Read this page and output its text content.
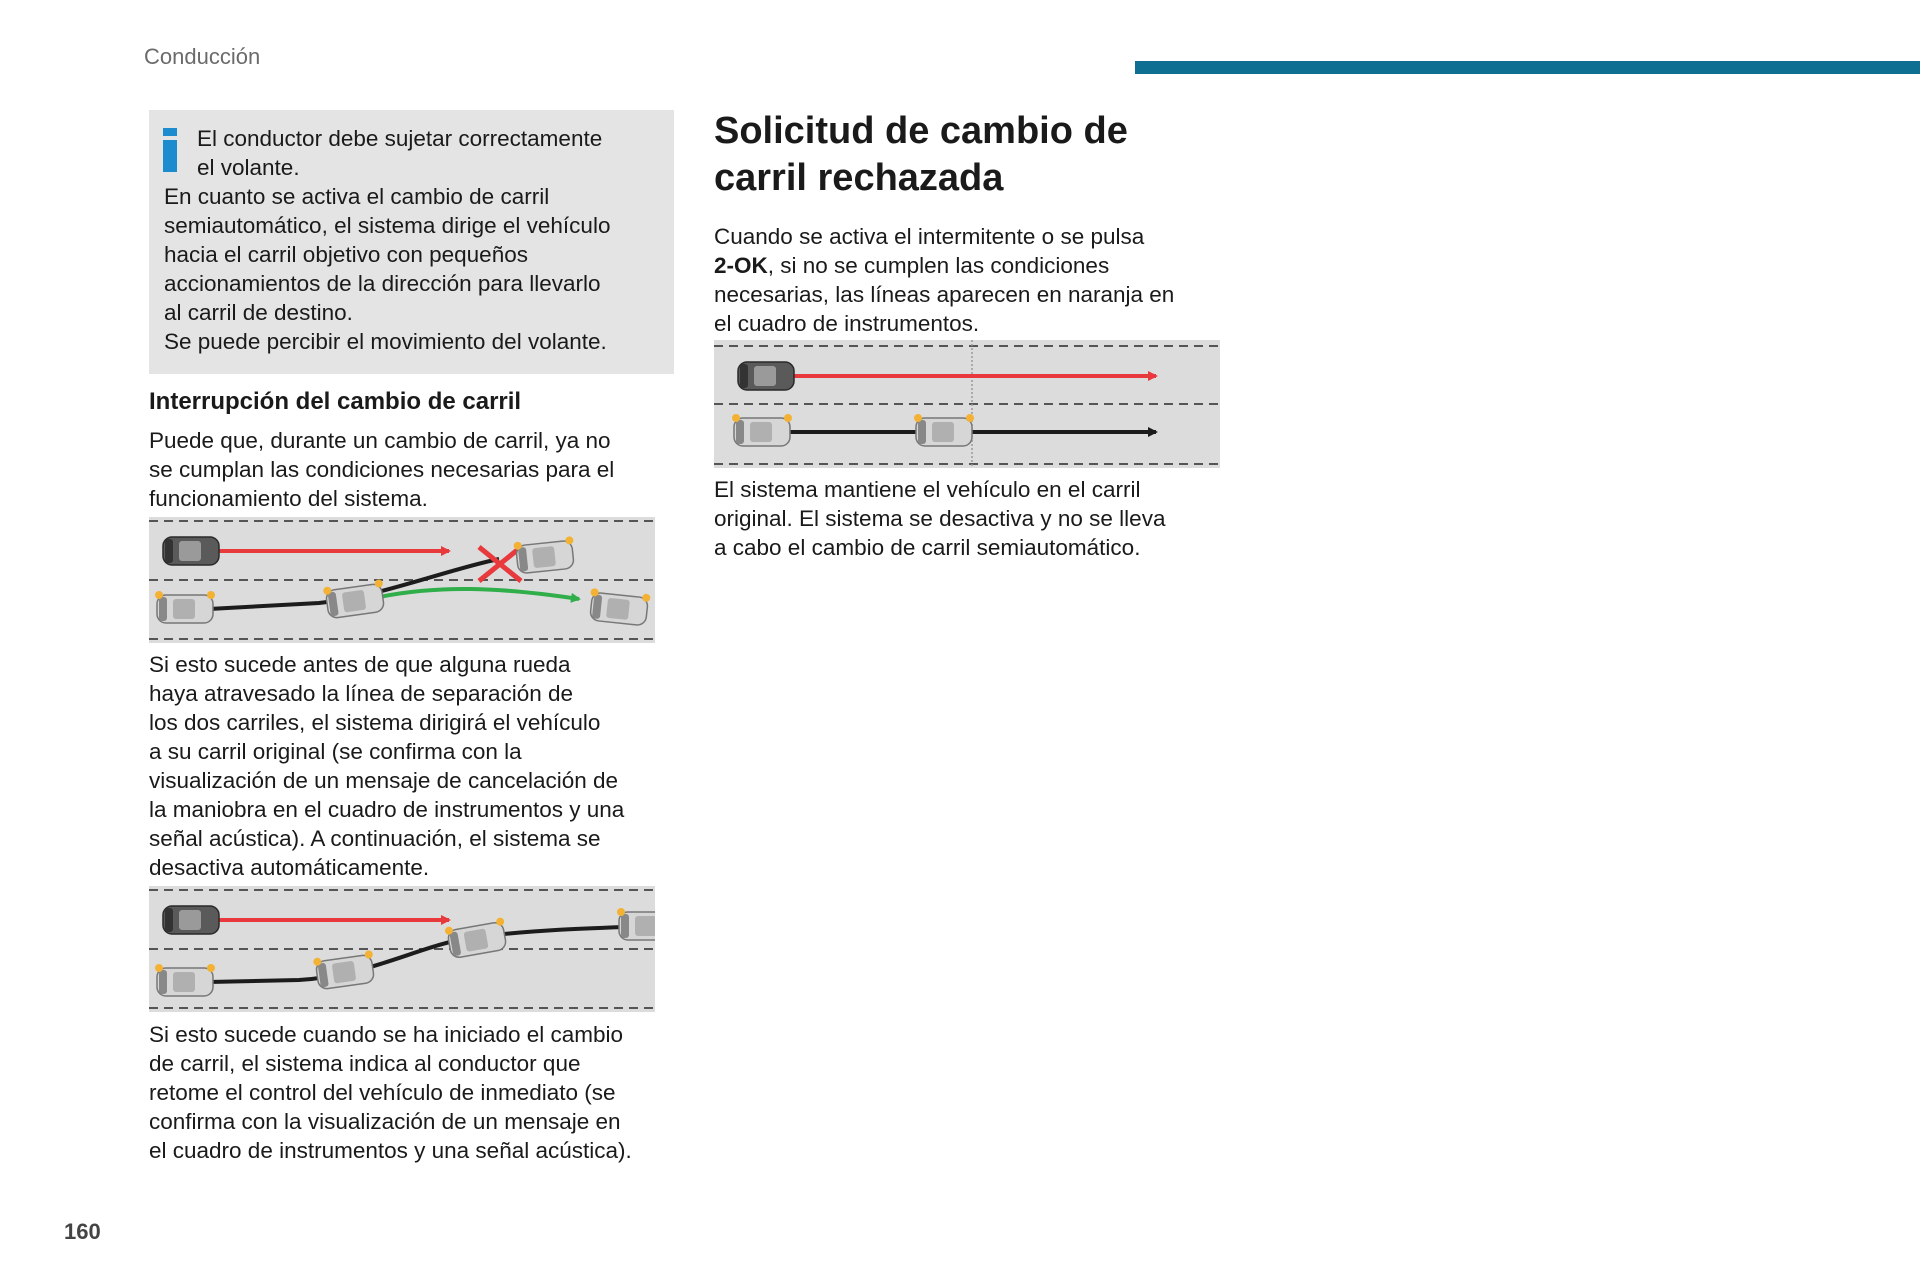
Conducción

El conductor debe sujetar correctamente
el volante.
En cuanto se activa el cambio de carril
semiautomático, el sistema dirige el vehículo
hacia el carril objetivo con pequeños
accionamientos de la dirección para llevarlo
al carril de destino.
Se puede percibir el movimiento del volante.

Interrupción del cambio de carril

Puede que, durante un cambio de carril, ya no
se cumplan las condiciones necesarias para el
funcionamiento del sistema.

Si esto sucede antes de que alguna rueda
haya atravesado la línea de separación de
los dos carriles, el sistema dirigirá el vehículo
a su carril original (se confirma con la
visualización de un mensaje de cancelación de
la maniobra en el cuadro de instrumentos y una
señal acústica). A continuación, el sistema se
desactiva automáticamente.

Si esto sucede cuando se ha iniciado el cambio
de carril, el sistema indica al conductor que
retome el control del vehículo de inmediato (se
confirma con la visualización de un mensaje en
el cuadro de instrumentos y una señal acústica).

Solicitud de cambio de
carril rechazada

Cuando se activa el intermitente o se pulsa
2-OK, si no se cumplen las condiciones
necesarias, las líneas aparecen en naranja en
el cuadro de instrumentos.

El sistema mantiene el vehículo en el carril
original. El sistema se desactiva y no se lleva
a cabo el cambio de carril semiautomático.

160
